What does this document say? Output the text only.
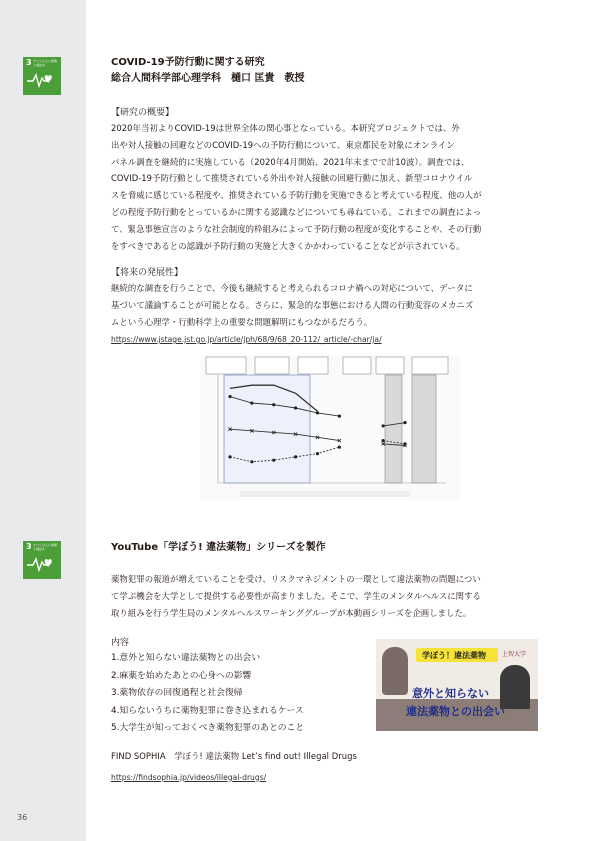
3 すべての人に健康と福祉を
3 すべての人に健康と福祉を
COVID-19予防行動に関する研究
総合人間科学部心理学科　樋口 匡貴　教授
【研究の概要】
2020年当初よりCOVID-19は世界全体の関心事となっている。本研究プロジェクトでは、外
出や対人接触の回避などのCOVID-19への予防行動について、東京都民を対象にオンライン
パネル調査を継続的に実施している（2020年4月開始、2021年末までで計10波）。調査では、
COVID-19予防行動として推奨されている外出や対人接触の回避行動に加え、新型コロナウイル
スを脅威に感じている程度や、推奨されている予防行動を実施できると考えている程度、他の人が
どの程度予防行動をとっているかに関する認識などについても尋ねている。これまでの調査によっ
て、緊急事態宣言のような社会制度的枠組みによって予防行動の程度が変化することや、その行動
をすべきであるとの認識が予防行動の実施と大きくかかわっていることなどが示されている。
【将来の発展性】
継続的な調査を行うことで、今後も継続すると考えられるコロナ禍への対応について、データに
基づいて議論することが可能となる。さらに、緊急的な事態における人間の行動変容のメカニズ
ムという心理学・行動科学上の重要な問題解明にもつながるだろう。
https://www.jstage.jst.go.jp/article/jph/68/9/68_20-112/_article/-char/ja/
YouTube「学ぼう! 違法薬物」シリーズを製作
薬物犯罪の報道が増えていることを受け、リスクマネジメントの一環として違法薬物の問題につい
て学ぶ機会を大学として提供する必要性が高まりました。そこで、学生のメンタルヘルスに関する
取り組みを行う学生局のメンタルヘルスワーキンググループが本動画シリーズを企画しました。
内容
1.意外と知らない違法薬物との出会い
2.麻薬を始めたあとの心身への影響
3.薬物依存の回復過程と社会復帰
4.知らないうちに薬物犯罪に巻き込まれるケース
5.大学生が知っておくべき薬物犯罪のあとのこと
学ぼう！違法薬物	上智大学
意外と知らない
違法薬物との出会い
FIND SOPHIA　学ぼう! 違法薬物 Let’s find out! Illegal Drugs
https://findsophia.jp/videos/illegal-drugs/
36
